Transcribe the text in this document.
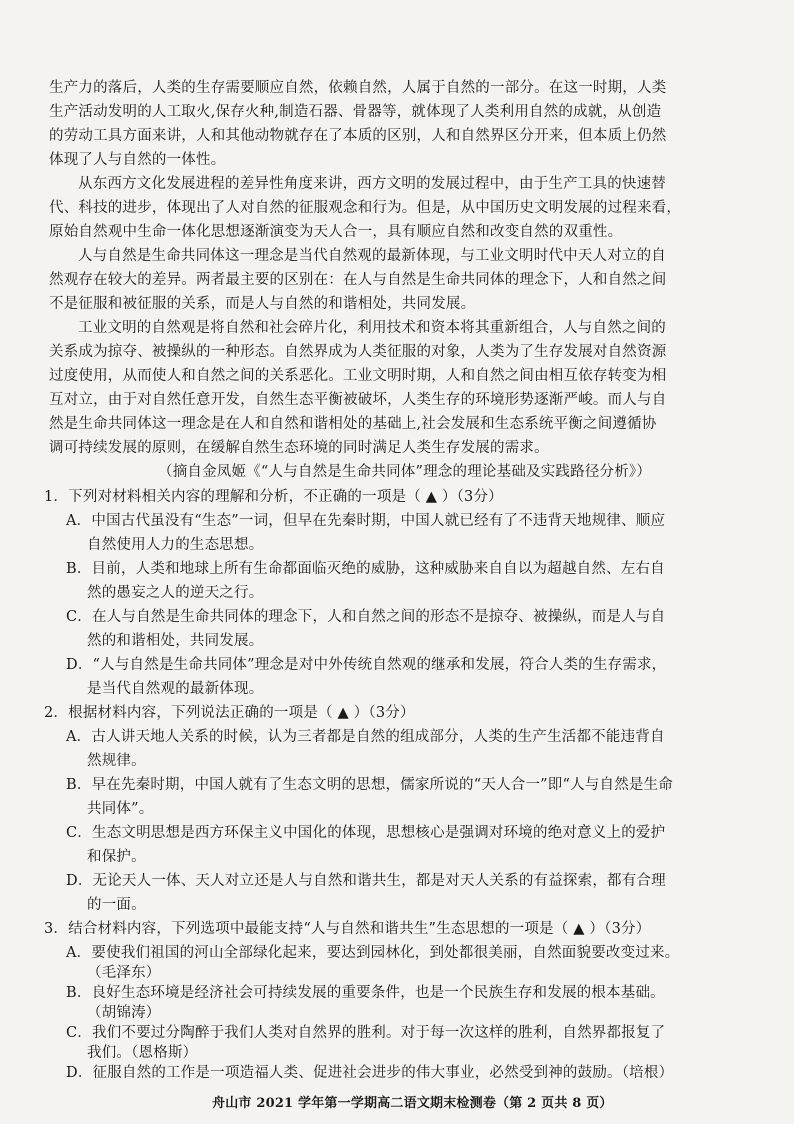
生产力的落后，人类的生存需要顺应自然，依赖自然，人属于自然的一部分。在这一时期，人类
生产活动发明的人工取火,保存火种,制造石器、骨器等，就体现了人类利用自然的成就，从创造
的劳动工具方面来讲，人和其他动物就存在了本质的区别，人和自然界区分开来，但本质上仍然
体现了人与自然的一体性。
从东西方文化发展进程的差异性角度来讲，西方文明的发展过程中，由于生产工具的快速替
代、科技的进步，体现出了人对自然的征服观念和行为。但是，从中国历史文明发展的过程来看，
原始自然观中生命一体化思想逐渐演变为天人合一，具有顺应自然和改变自然的双重性。
人与自然是生命共同体这一理念是当代自然观的最新体现，与工业文明时代中天人对立的自
然观存在较大的差异。两者最主要的区别在：在人与自然是生命共同体的理念下，人和自然之间
不是征服和被征服的关系，而是人与自然的和谐相处，共同发展。
工业文明的自然观是将自然和社会碎片化，利用技术和资本将其重新组合，人与自然之间的
关系成为掠夺、被操纵的一种形态。自然界成为人类征服的对象，人类为了生存发展对自然资源
过度使用，从而使人和自然之间的关系恶化。工业文明时期，人和自然之间由相互依存转变为相
互对立，由于对自然任意开发，自然生态平衡被破坏，人类生存的环境形势逐渐严峻。而人与自
然是生命共同体这一理念是在人和自然和谐相处的基础上,社会发展和生态系统平衡之间遵循协
调可持续发展的原则，在缓解自然生态环境的同时满足人类生存发展的需求。
（摘自金凤姬《“人与自然是生命共同体”理念的理论基础及实践路径分析》）
1．下列对材料相关内容的理解和分析，不正确的一项是（ ▲ ）（3分）
A．中国古代虽没有“生态”一词，但早在先秦时期，中国人就已经有了不违背天地规律、顺应
自然使用人力的生态思想。
B．目前，人类和地球上所有生命都面临灭绝的威胁，这种威胁来自自以为超越自然、左右自
然的愚妄之人的逆天之行。
C．在人与自然是生命共同体的理念下，人和自然之间的形态不是掠夺、被操纵，而是人与自
然的和谐相处，共同发展。
D．“人与自然是生命共同体”理念是对中外传统自然观的继承和发展，符合人类的生存需求，
是当代自然观的最新体现。
2．根据材料内容，下列说法正确的一项是（ ▲ ）（3分）
A．古人讲天地人关系的时候，认为三者都是自然的组成部分，人类的生产生活都不能违背自
然规律。
B．早在先秦时期，中国人就有了生态文明的思想，儒家所说的“天人合一”即“人与自然是生命
共同体”。
C．生态文明思想是西方环保主义中国化的体现，思想核心是强调对环境的绝对意义上的爱护
和保护。
D．无论天人一体、天人对立还是人与自然和谐共生，都是对天人关系的有益探索，都有合理
的一面。
3．结合材料内容，下列选项中最能支持“人与自然和谐共生”生态思想的一项是（ ▲ ）（3分）
A．要使我们祖国的河山全部绿化起来，要达到园林化，到处都很美丽，自然面貌要改变过来。
（毛泽东）
B．良好生态环境是经济社会可持续发展的重要条件，也是一个民族生存和发展的根本基础。
（胡锦涛）
C．我们不要过分陶醉于我们人类对自然界的胜利。对于每一次这样的胜利，自然界都报复了
我们。（恩格斯）
D．征服自然的工作是一项造福人类、促进社会进步的伟大事业，必然受到神的鼓励。（培根）
舟山市 2021 学年第一学期高二语文期末检测卷（第 2 页共 8 页）
